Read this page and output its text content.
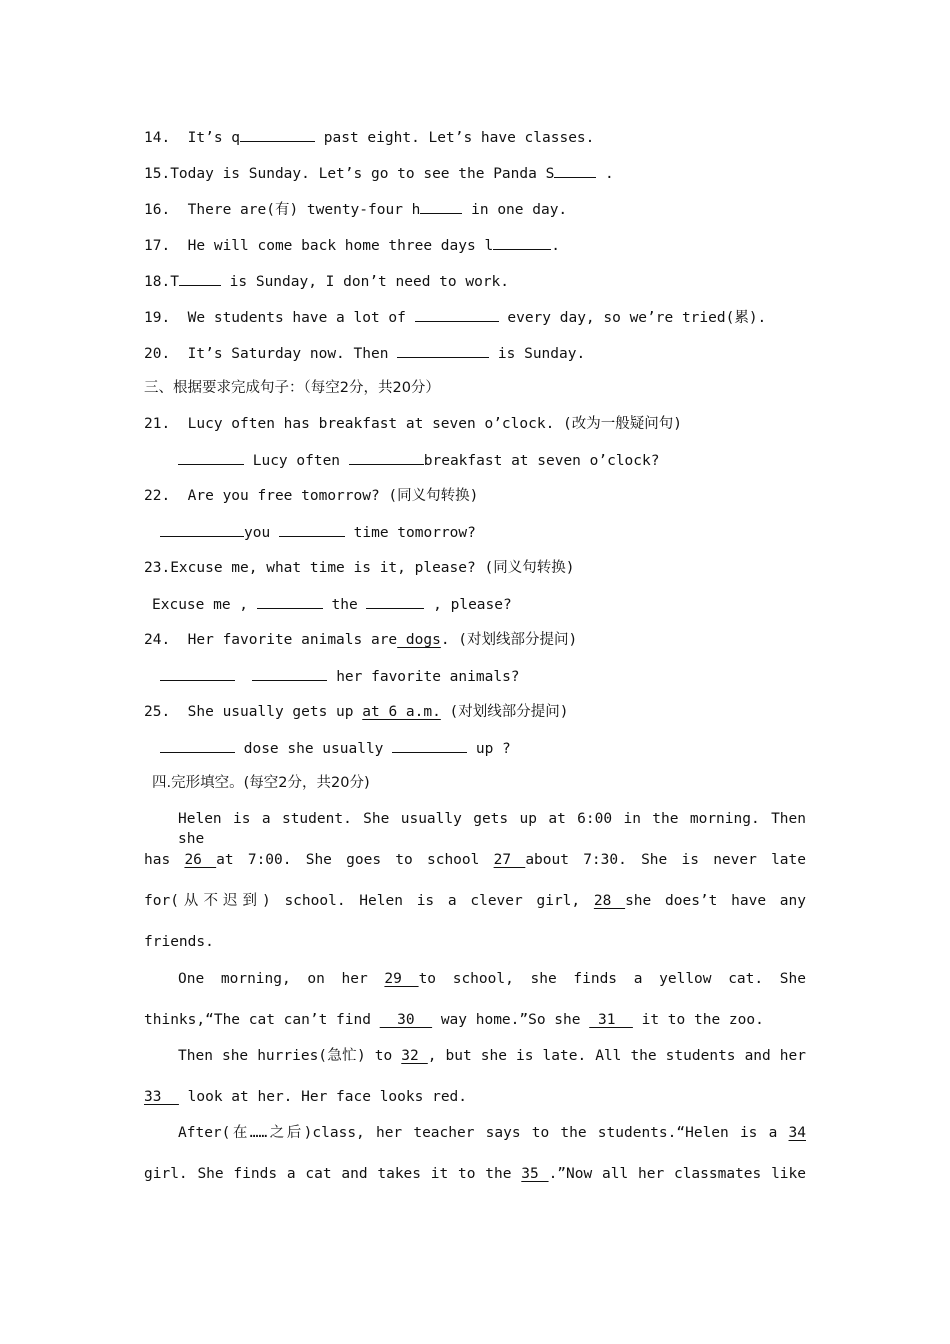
14.  It’s q	past eight. Let’s have classes.
15.Today is Sunday. Let’s go to see the Panda S	.
16.  There are(有) twenty-four h	in one day.
17.  He will come back home three days l	.
18.T	is Sunday, I don’t need to work.
19.  We students have a lot of	every day, so we’re tried(累).
20.  It’s Saturday now. Then	is Sunday.
三、根据要求完成句子：（每空2分，共20分）
21.  Lucy often has breakfast at seven o’clock. (改为一般疑问句)
Lucy often	breakfast at seven o’clock?
22.  Are you free tomorrow? (同义句转换)
you	time tomorrow?
23.Excuse me, what time is it, please? (同义句转换)
Excuse me ,	the	, please?
24.  Her favorite animals are dogs. (对划线部分提问)
her favorite animals?
25.  She usually gets up at 6 a.m. (对划线部分提问)
dose she usually	up ?
四.完形填空。(每空2分，共20分)
Helen is a student. She usually gets up at 6:00 in the morning. Then she
has 26 at 7:00. She goes to school 27 about 7:30. She is never late
for(从不迟到) school. Helen is a clever girl, 28 she does’t have any
friends.
One morning, on her 29 to school, she finds a yellow cat. She
thinks,“The cat can’t find   30   way home.”So she  31   it to the zoo.
Then she hurries(急忙) to 32 , but she is late. All the students and her
33   look at her. Her face looks red.
After(在……之后)class, her teacher says to the students.“Helen is a 34
girl. She finds a cat and takes it to the 35 .”Now all her classmates like
